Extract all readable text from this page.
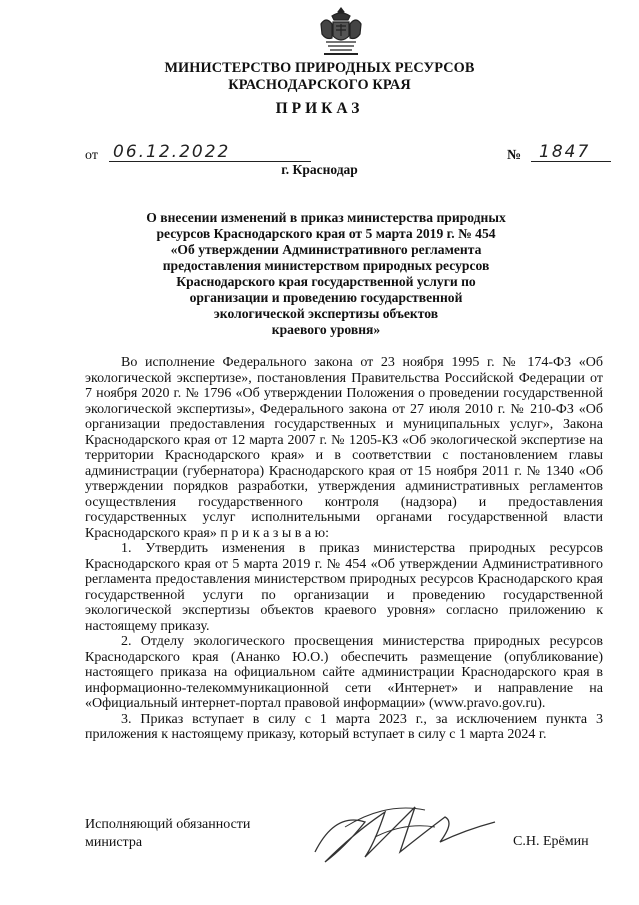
МИНИСТЕРСТВО ПРИРОДНЫХ РЕСУРСОВ
КРАСНОДАРСКОГО КРАЯ
ПРИКАЗ
от 06.12.2022	№	1847
г. Краснодар
О внесении изменений в приказ министерства природных
ресурсов Краснодарского края от 5 марта 2019 г. № 454
«Об утверждении Административного регламента
предоставления министерством природных ресурсов
Краснодарского края государственной услуги по
организации и проведению государственной
экологической экспертизы объектов
краевого уровня»

Во исполнение Федерального закона от 23 ноября 1995 г. № 174-ФЗ «Об экологической экспертизе», постановления Правительства Российской Федерации от 7 ноября 2020 г. № 1796 «Об утверждении Положения о проведении государственной экологической экспертизы», Федерального закона от 27 июля 2010 г. № 210-ФЗ «Об организации предоставления государственных и муниципальных услуг», Закона Краснодарского края от 12 марта 2007 г. № 1205-КЗ «Об экологической экспертизе на территории Краснодарского края» и в соответствии с постановлением главы администрации (губернатора) Краснодарского края от 15 ноября 2011 г. № 1340 «Об утверждении порядков разработки, утверждения административных регламентов осуществления государственного контроля (надзора) и предоставления государственных услуг исполнительными органами государственной власти Краснодарского края» п р и к а з ы в а ю:

1. Утвердить изменения в приказ министерства природных ресурсов Краснодарского края от 5 марта 2019 г. № 454 «Об утверждении Административного регламента предоставления министерством природных ресурсов Краснодарского края государственной услуги по организации и проведению государственной экологической экспертизы объектов краевого уровня» согласно приложению к настоящему приказу.

2. Отделу экологического просвещения министерства природных ресурсов Краснодарского края (Ананко Ю.О.) обеспечить размещение (опубликование) настоящего приказа на официальном сайте администрации Краснодарского края в информационно-телекоммуникационной сети «Интернет» и направление на «Официальный интернет-портал правовой информации» (www.pravo.gov.ru).

3. Приказ вступает в силу с 1 марта 2023 г., за исключением пункта 3 приложения к настоящему приказу, который вступает в силу с 1 марта 2024 г.

Исполняющий обязанности
министра	С.Н. Ерёмин
